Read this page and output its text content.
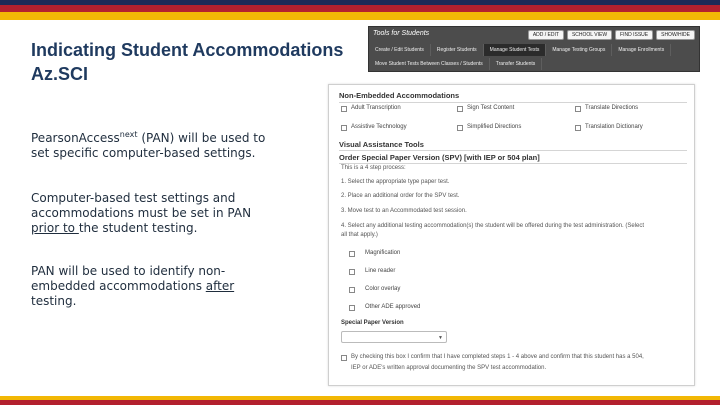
Indicating Student Accommodations
Az.SCI

PearsonAccess$^{next}$ (PAN) will be used to set specific computer-based settings.

Computer-based test settings and accommodations must be set in PAN prior to the student testing.

PAN will be used to identify non-embedded accommodations after testing.

Tools for Students	ADD / EDIT	SCHOOL VIEW	FIND ISSUE	SHOW/HIDE
Create / Edit Students	Register Students	Manage Student Tests	Manage Testing Groups	Manage Enrollments
Move Student Tests Between Classes / Students	Transfer Students
Non-Embedded Accommodations
Adult Transcription	Sign Test Content	Translate Directions
Assistive Technology	Simplified Directions	Translation Dictionary
Visual Assistance Tools
Order Special Paper Version (SPV) [with IEP or 504 plan]
This is a 4 step process:
1. Select the appropriate type paper test.
2. Place an additional order for the SPV test.
3. Move test to an Accommodated test session.
4. Select any additional testing accommodation(s) the student will be offered during the test administration. (Select
all that apply.)
Magnification
Line reader
Color overlay
Other ADE approved
Special Paper Version
▼
By checking this box I confirm that I have completed steps 1 - 4 above and confirm that this student has a 504,
IEP or ADE's written approval documenting the SPV test accommodation.
